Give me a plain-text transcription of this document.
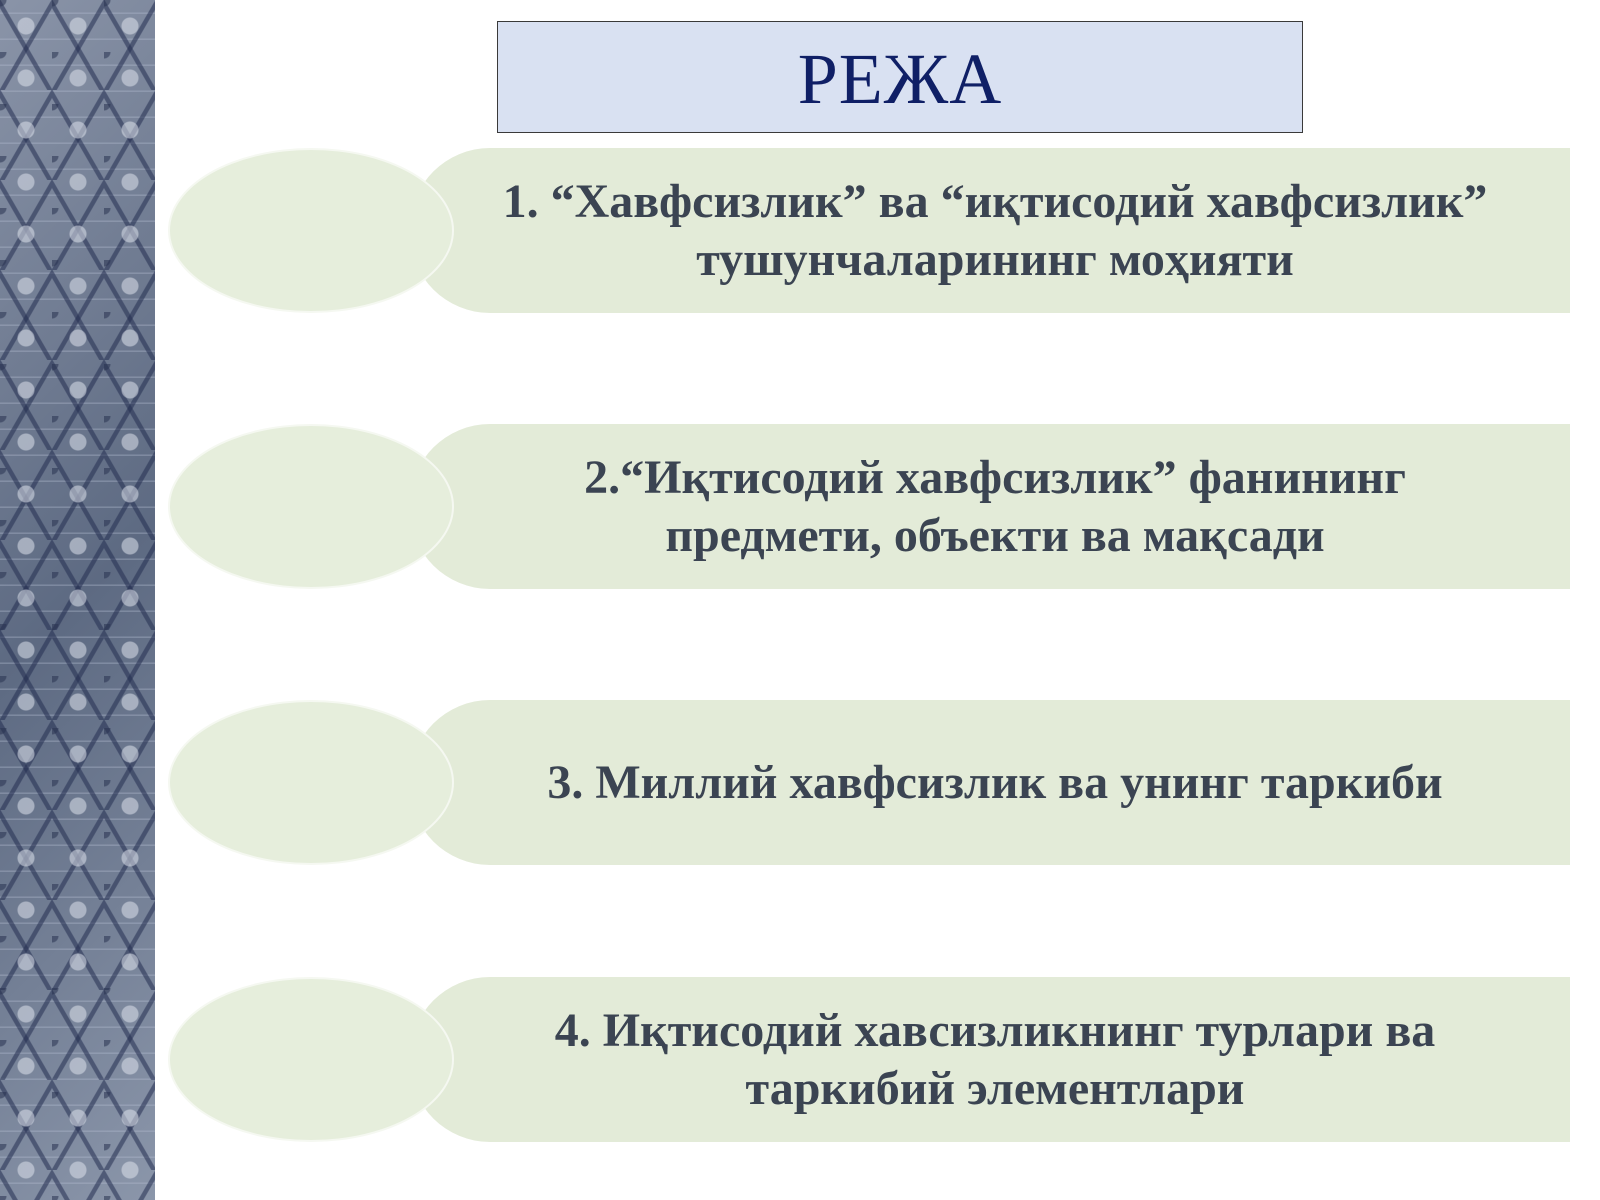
РЕЖА
1. “Хавфсизлик” ва “иқтисодий хавфсизлик”
тушунчаларининг моҳияти
2.“Иқтисодий хавфсизлик” фанининг
предмети, объекти ва мақсади
3. Миллий хавфсизлик ва унинг таркиби
4. Иқтисодий хавсизликнинг турлари ва
таркибий элементлари
